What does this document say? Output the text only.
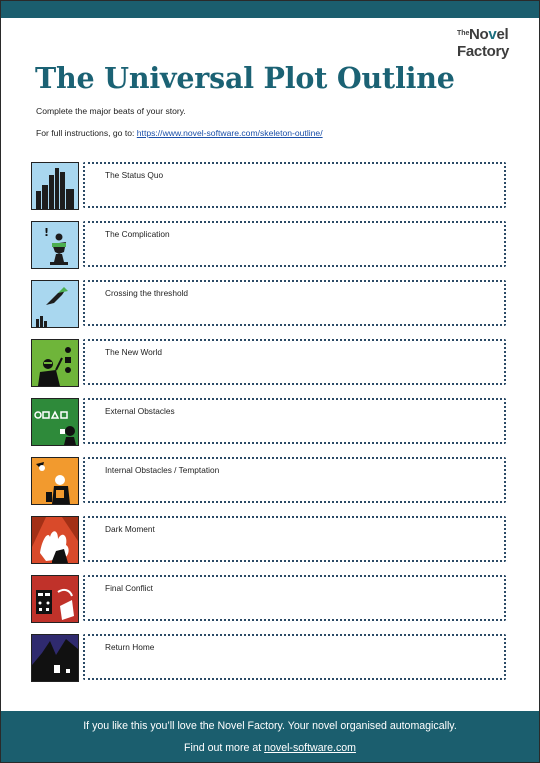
The Novel
Factory
The Universal Plot Outline

Complete the major beats of your story.

For full instructions, go to: https://www.novel-software.com/skeleton-outline/

The Status Quo
!	The Complication
Crossing the threshold
The New World
External Obstacles
Internal Obstacles / Temptation
Dark Moment
Final Conflict
Return Home
If you like this you’ll love the Novel Factory. Your novel organised automagically.
Find out more at novel-software.com
